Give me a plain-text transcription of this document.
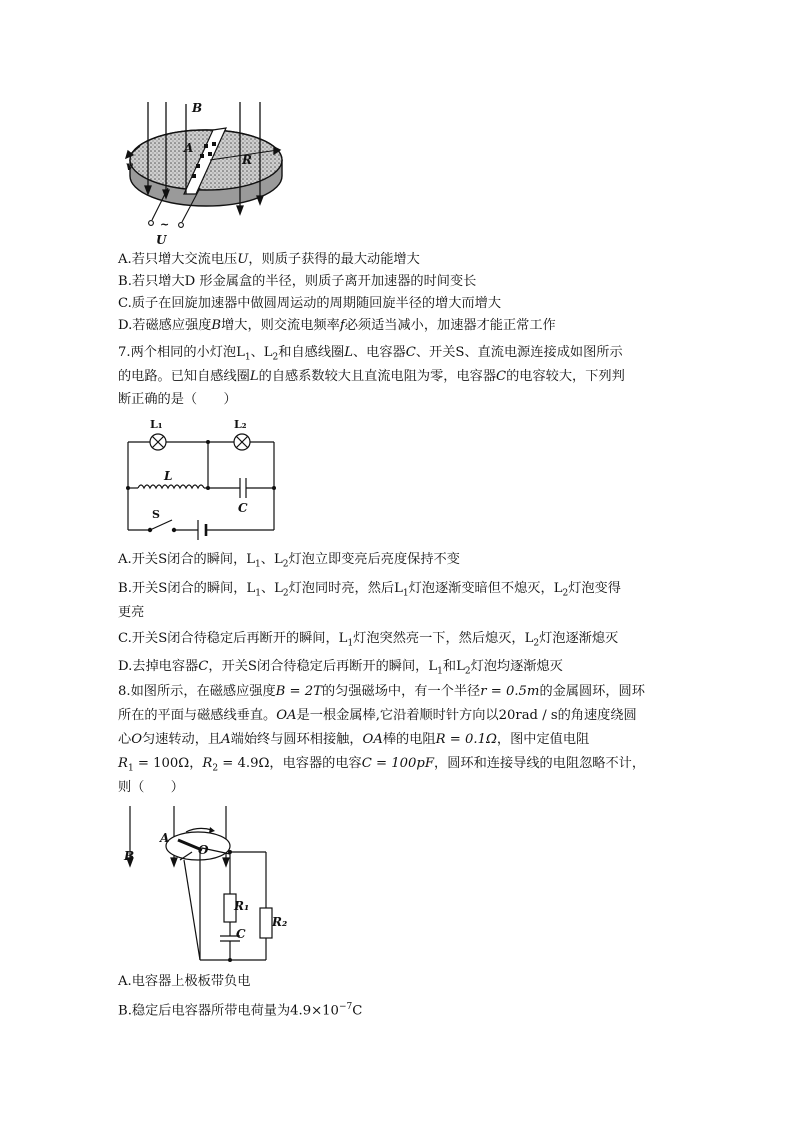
B
A
R
v
~
U
A.若只增大交流电压U，则质子获得的最大动能增大
B.若只增大D 形金属盒的半径，则质子离开加速器的时间变长
C.质子在回旋加速器中做圆周运动的周期随回旋半径的增大而增大
D.若磁感应强度B增大，则交流电频率f必须适当减小，加速器才能正常工作
7.两个相同的小灯泡$L_1$、$L_2$和自感线圈L、电容器C、开关S、直流电源连接成如图所示
的电路。已知自感线圈L的自感系数较大且直流电阻为零，电容器C的电容较大，下列判
断正确的是（　　）
L₁	L₂
L
C
S
A.开关S闭合的瞬间，$L_1$、$L_2$灯泡立即变亮后亮度保持不变
B.开关S闭合的瞬间，$L_1$、$L_2$灯泡同时亮，然后$L_1$灯泡逐渐变暗但不熄灭，$L_2$灯泡变得
更亮
C.开关S闭合待稳定后再断开的瞬间，$L_1$灯泡突然亮一下，然后熄灭，$L_2$灯泡逐渐熄灭
D.去掉电容器C，开关S闭合待稳定后再断开的瞬间，$L_1$和$L_2$灯泡均逐渐熄灭
8.如图所示，在磁感应强度B = 2T的匀强磁场中，有一个半径r = 0.5m的金属圆环，圆环
所在的平面与磁感线垂直。OA是一根金属棒,它沿着顺时针方向以20rad / s的角速度绕圆
心O匀速转动，且A端始终与圆环相接触，OA棒的电阻R = 0.1Ω，图中定值电阻
$R_1 = 100\Omega$，$R_2 = 4.9\Omega$，电容器的电容C = 100pF，圆环和连接导线的电阻忽略不计，
则（　　）
B
A
O
R₁
R₂
C
A.电容器上极板带负电
B.稳定后电容器所带电荷量为$4.9\times 10^{-7}C$
